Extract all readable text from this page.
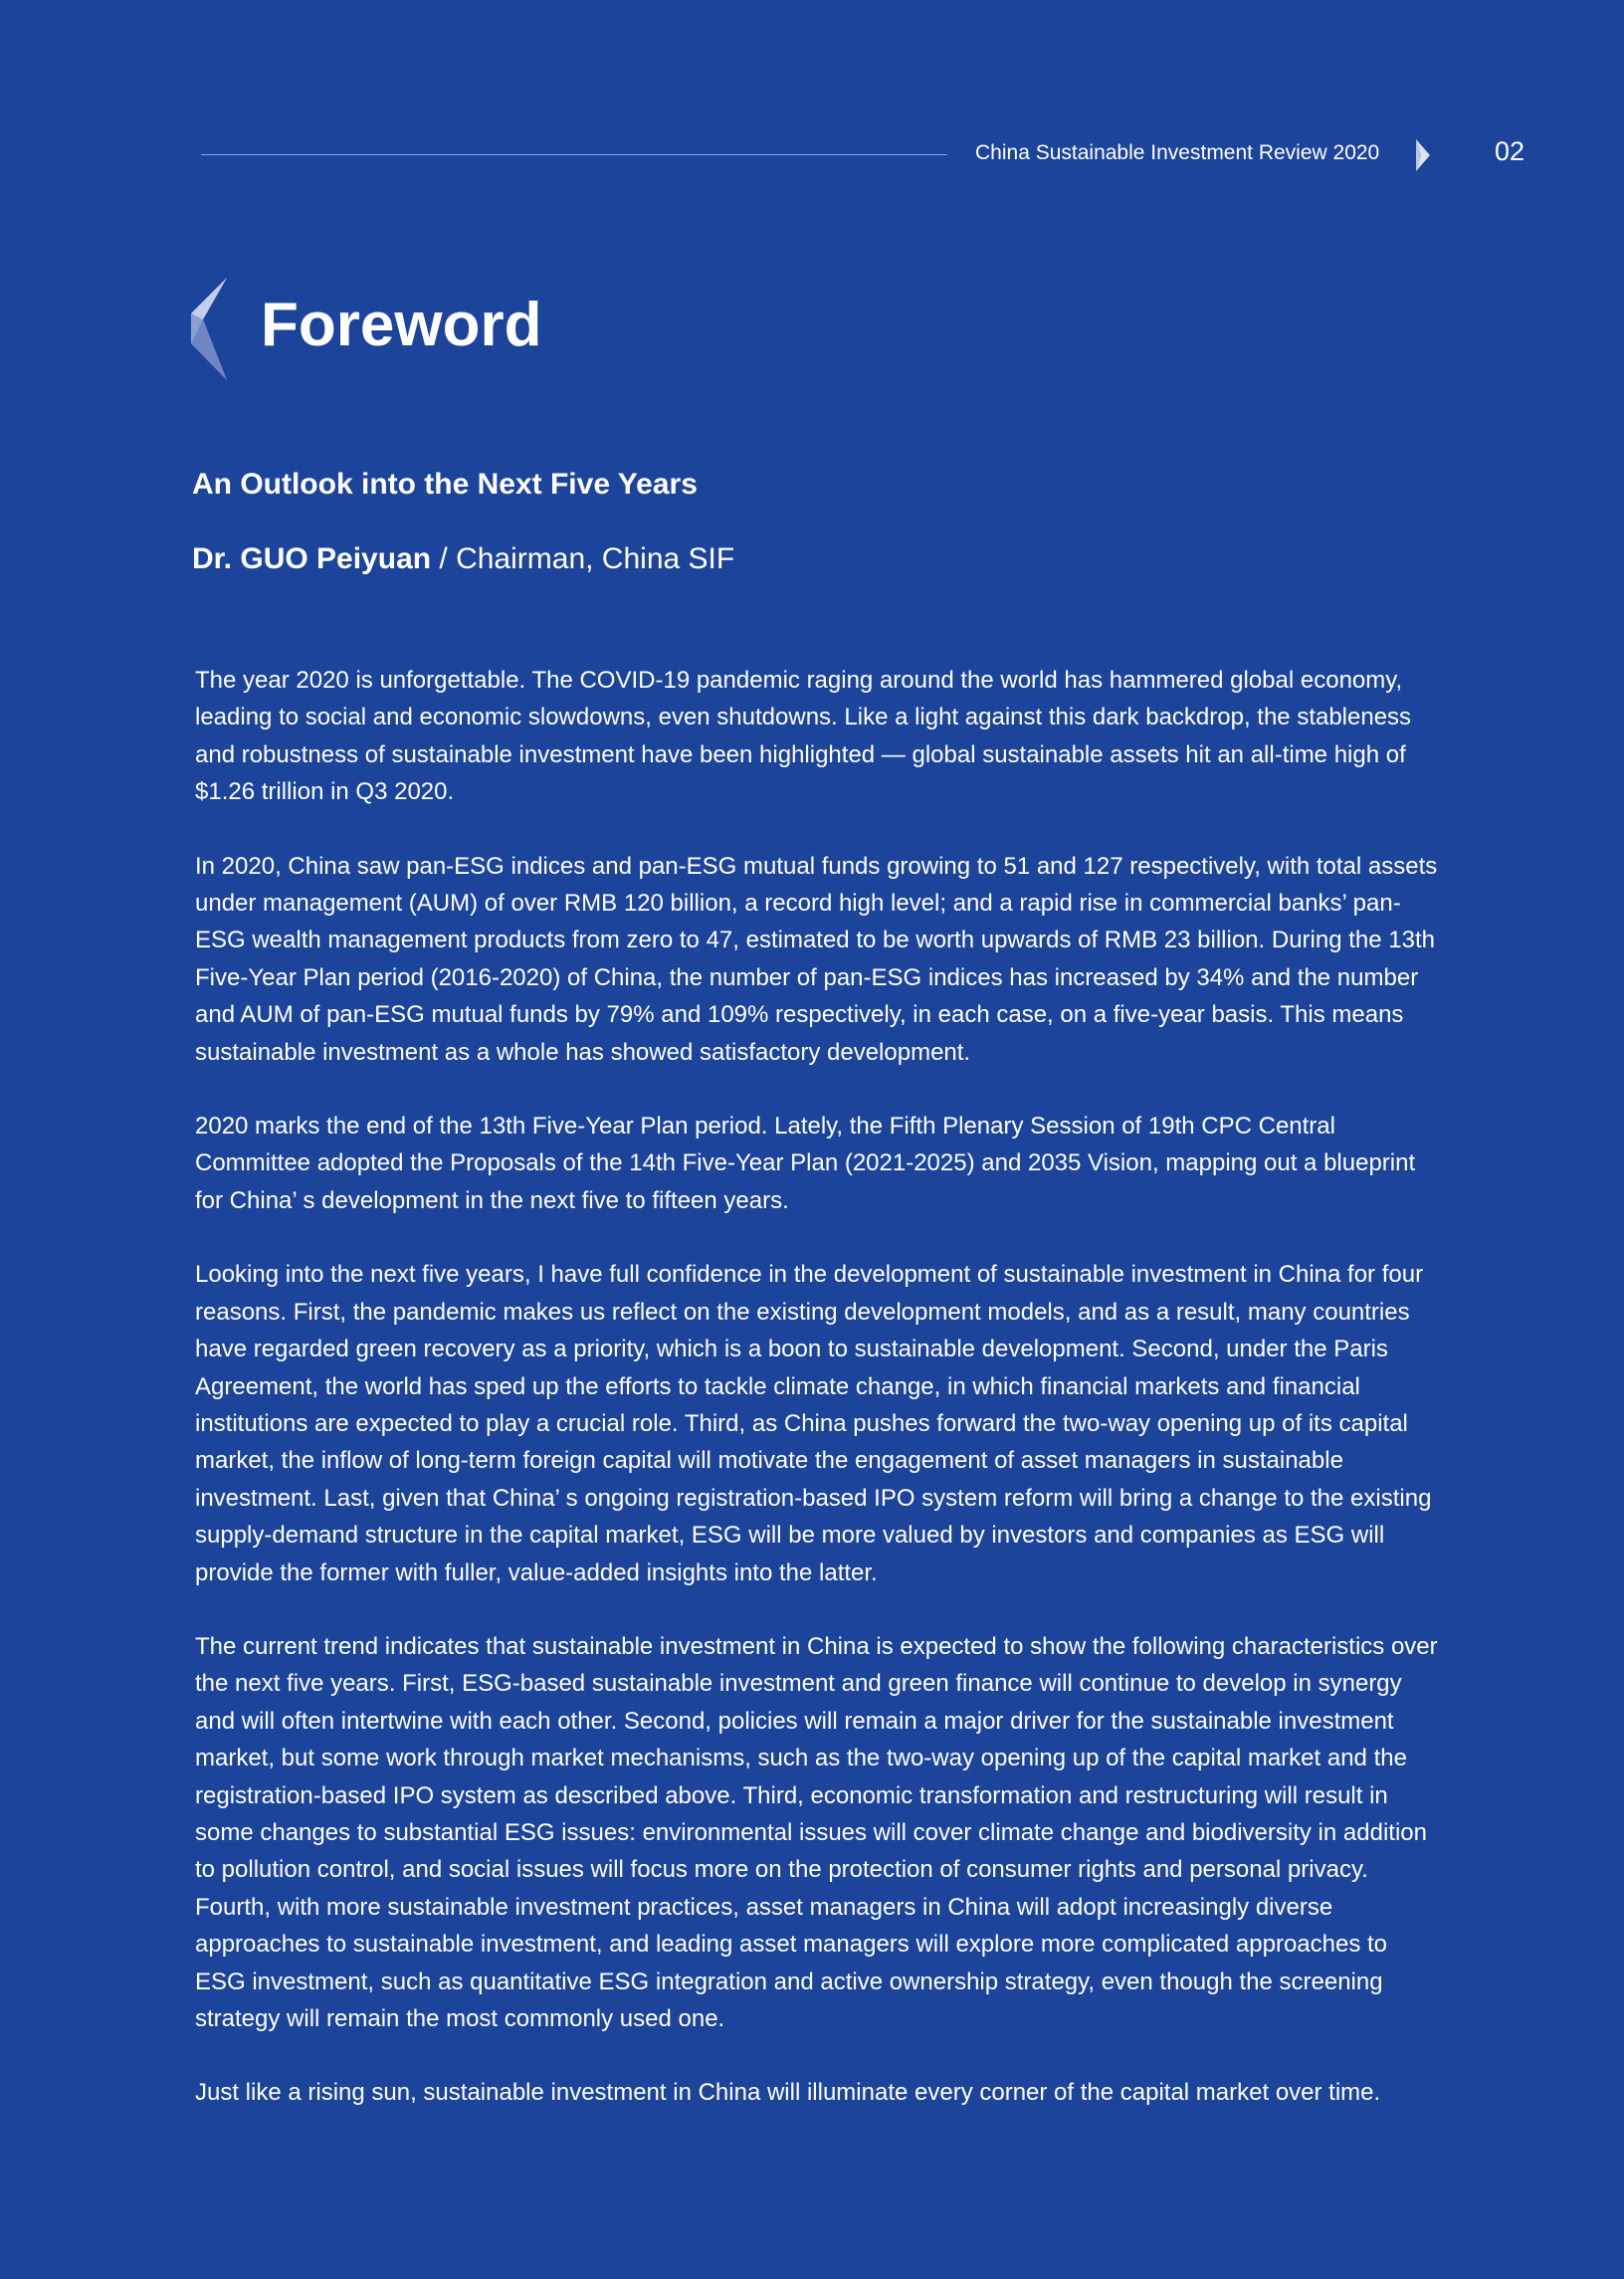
China Sustainable Investment Review 2020	02
Foreword
An Outlook into the Next Five Years

Dr. GUO Peiyuan / Chairman, China SIF

The year 2020 is unforgettable. The COVID-19 pandemic raging around the world has hammered global economy, leading to social and economic slowdowns, even shutdowns. Like a light against this dark backdrop, the stableness and robustness of sustainable investment have been highlighted — global sustainable assets hit an all-time high of $1.26 trillion in Q3 2020.

In 2020, China saw pan-ESG indices and pan-ESG mutual funds growing to 51 and 127 respectively, with total assets under management (AUM) of over RMB 120 billion, a record high level; and a rapid rise in commercial banks’ pan-ESG wealth management products from zero to 47, estimated to be worth upwards of RMB 23 billion. During the 13th Five-Year Plan period (2016-2020) of China, the number of pan-ESG indices has increased by 34% and the number and AUM of pan-ESG mutual funds by 79% and 109% respectively, in each case, on a five-year basis. This means sustainable investment as a whole has showed satisfactory development.

2020 marks the end of the 13th Five-Year Plan period. Lately, the Fifth Plenary Session of 19th CPC Central Committee adopted the Proposals of the 14th Five-Year Plan (2021-2025) and 2035 Vision, mapping out a blueprint for China’ s development in the next five to fifteen years.

Looking into the next five years, I have full confidence in the development of sustainable investment in China for four reasons. First, the pandemic makes us reflect on the existing development models, and as a result, many countries have regarded green recovery as a priority, which is a boon to sustainable development. Second, under the Paris Agreement, the world has sped up the efforts to tackle climate change, in which financial markets and financial institutions are expected to play a crucial role. Third, as China pushes forward the two-way opening up of its capital market, the inflow of long-term foreign capital will motivate the engagement of asset managers in sustainable investment. Last, given that China’ s ongoing registration-based IPO system reform will bring a change to the existing supply-demand structure in the capital market, ESG will be more valued by investors and companies as ESG will provide the former with fuller, value-added insights into the latter.

The current trend indicates that sustainable investment in China is expected to show the following characteristics over the next five years. First, ESG-based sustainable investment and green finance will continue to develop in synergy and will often intertwine with each other. Second, policies will remain a major driver for the sustainable investment market, but some work through market mechanisms, such as the two-way opening up of the capital market and the registration-based IPO system as described above. Third, economic transformation and restructuring will result in some changes to substantial ESG issues: environmental issues will cover climate change and biodiversity in addition to pollution control, and social issues will focus more on the protection of consumer rights and personal privacy. Fourth, with more sustainable investment practices, asset managers in China will adopt increasingly diverse approaches to sustainable investment, and leading asset managers will explore more complicated approaches to ESG investment, such as quantitative ESG integration and active ownership strategy, even though the screening strategy will remain the most commonly used one.

Just like a rising sun, sustainable investment in China will illuminate every corner of the capital market over time.
